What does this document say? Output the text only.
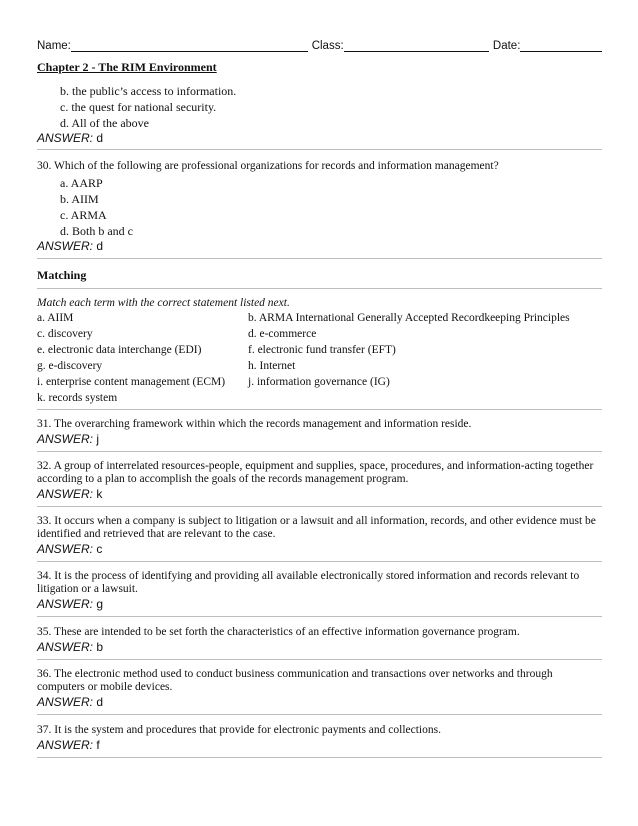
Name:	Class:	Date:
Chapter 2 - The RIM Environment
b. the public’s access to information.
c. the quest for national security.
d. All of the above
ANSWER: d
30. Which of the following are professional organizations for records and information management?
a. AARP
b. AIIM
c. ARMA
d. Both b and c
ANSWER: d
Matching
Match each term with the correct statement listed next.
a. AIIM
c. discovery
e. electronic data interchange (EDI)
g. e-discovery
i. enterprise content management (ECM)
k. records system
b. ARMA International Generally Accepted Recordkeeping Principles
d. e-commerce
f. electronic fund transfer (EFT)
h. Internet
j. information governance (IG)
31. The overarching framework within which the records management and information reside.
ANSWER: j
32. A group of interrelated resources-people, equipment and supplies, space, procedures, and information-acting together according to a plan to accomplish the goals of the records management program.
ANSWER: k
33. It occurs when a company is subject to litigation or a lawsuit and all information, records, and other evidence must be identified and retrieved that are relevant to the case.
ANSWER: c
34. It is the process of identifying and providing all available electronically stored information and records relevant to litigation or a lawsuit.
ANSWER: g
35. These are intended to be set forth the characteristics of an effective information governance program.
ANSWER: b
36. The electronic method used to conduct business communication and transactions over networks and through computers or mobile devices.
ANSWER: d
37. It is the system and procedures that provide for electronic payments and collections.
ANSWER: f
